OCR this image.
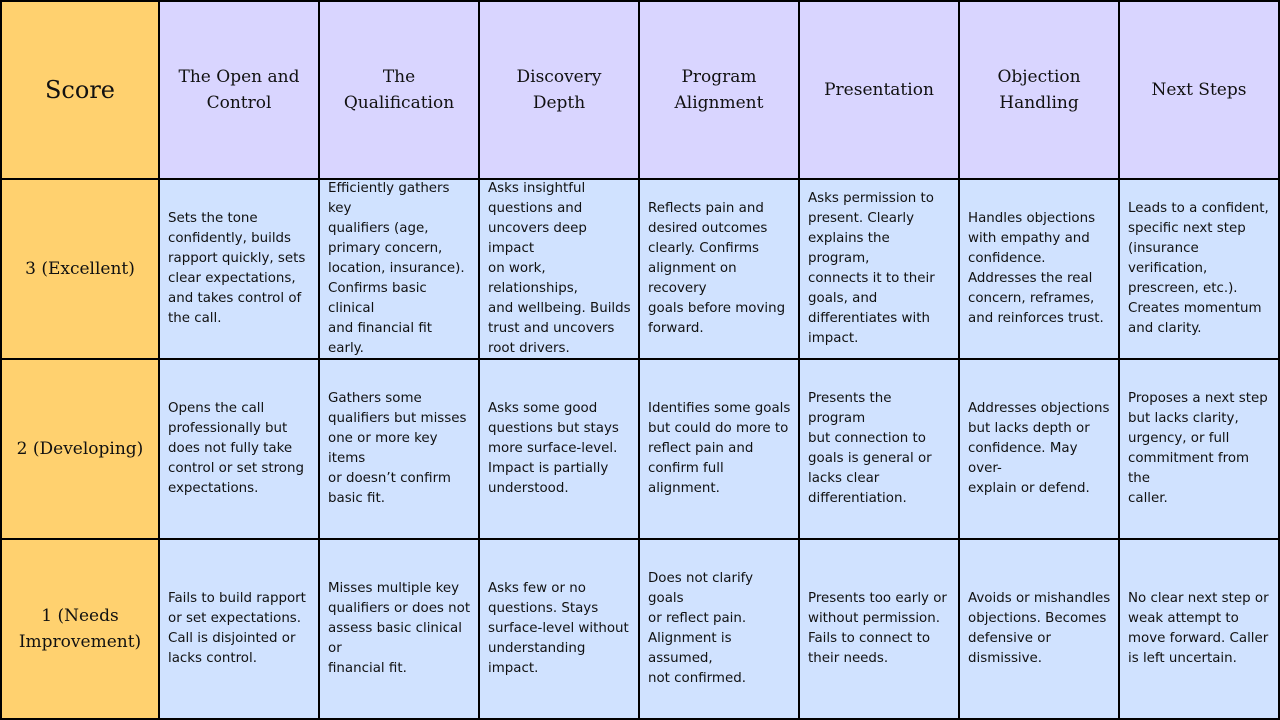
Score	The Open and
Control
The
Qualification
Discovery
Depth
Program
Alignment
Presentation
Objection
Handling
Next Steps
3 (Excellent)
Sets the tone
confidently, builds
rapport quickly, sets
clear expectations,
and takes control of
the call.
Efficiently gathers key
qualifiers (age,
primary concern,
location, insurance).
Confirms basic clinical
and financial fit early.
Asks insightful
questions and
uncovers deep impact
on work, relationships,
and wellbeing. Builds
trust and uncovers
root drivers.
Reflects pain and
desired outcomes
clearly. Confirms
alignment on recovery
goals before moving
forward.
Asks permission to
present. Clearly
explains the program,
connects it to their
goals, and
differentiates with
impact.
Handles objections
with empathy and
confidence.
Addresses the real
concern, reframes,
and reinforces trust.
Leads to a confident,
specific next step
(insurance
verification,
prescreen, etc.).
Creates momentum
and clarity.
2 (Developing)
Opens the call
professionally but
does not fully take
control or set strong
expectations.
Gathers some
qualifiers but misses
one or more key items
or doesn’t confirm
basic fit.
Asks some good
questions but stays
more surface-level.
Impact is partially
understood.
Identifies some goals
but could do more to
reflect pain and
confirm full alignment.
Presents the program
but connection to
goals is general or
lacks clear
differentiation.
Addresses objections
but lacks depth or
confidence. May over-
explain or defend.
Proposes a next step
but lacks clarity,
urgency, or full
commitment from the
caller.
1 (Needs
Improvement)
Fails to build rapport
or set expectations.
Call is disjointed or
lacks control.
Misses multiple key
qualifiers or does not
assess basic clinical or
financial fit.
Asks few or no
questions. Stays
surface-level without
understanding impact.
Does not clarify goals
or reflect pain.
Alignment is assumed,
not confirmed.
Presents too early or
without permission.
Fails to connect to
their needs.
Avoids or mishandles
objections. Becomes
defensive or
dismissive.
No clear next step or
weak attempt to
move forward. Caller
is left uncertain.
